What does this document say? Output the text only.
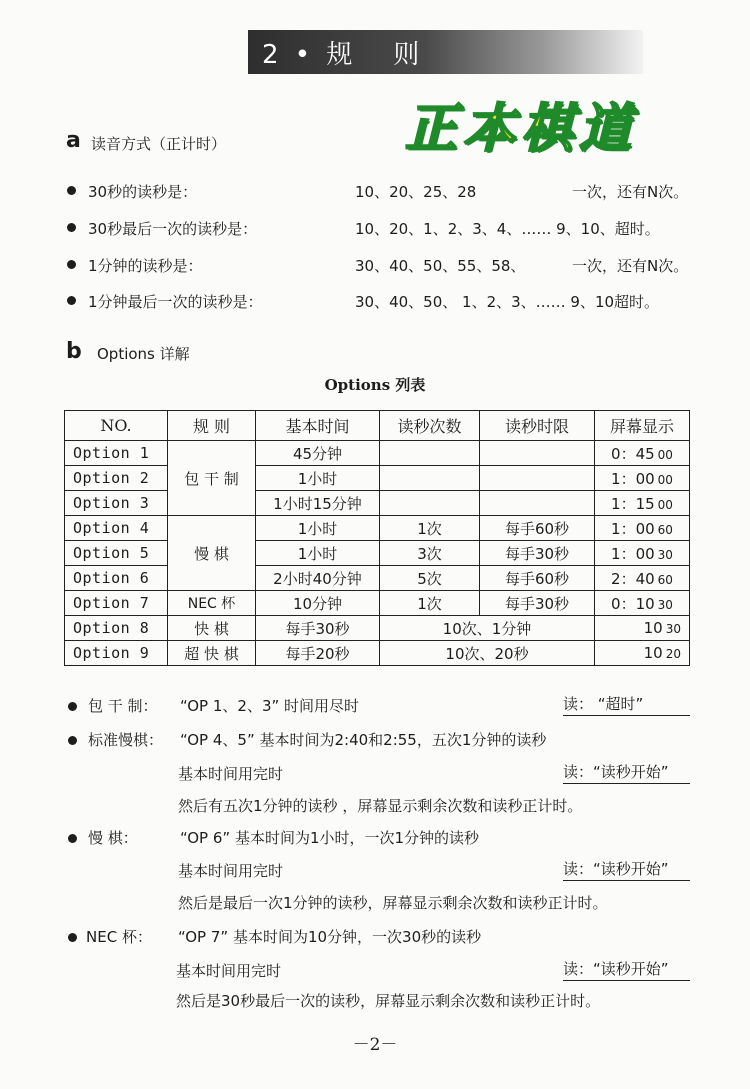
2 • 规   则
正本棋道
a 读音方式（正计时）
30秒的读秒是：	10、20、25、28	一次，还有N次。
30秒最后一次的读秒是：	10、20、1、2、3、4、…… 9、10、超时。
1分钟的读秒是：	30、40、50、55、58、	一次，还有N次。
1分钟最后一次的读秒是：	30、40、50、 1、2、3、…… 9、10超时。
b Options 详解
Options 列表
NO.	规 则	基本时间	读秒次数	读秒时限	屏幕显示
Option 1	包 干 制	45分钟			0：45 00
Option 2		1小时			1：00 00
Option 3		1小时15分钟			1：15 00
Option 4	慢 棋	1小时	1次	每手60秒	1：00 60
Option 5		1小时	3次	每手30秒	1：00 30
Option 6		2小时40分钟	5次	每手60秒	2：40 60
Option 7	NEC 杯	10分钟	1次	每手30秒	0：10 30
Option 8	快 棋	每手30秒	10次、1分钟		10 30
Option 9	超 快 棋	每手20秒	10次、20秒		10 20
包 干 制： “OP 1、2、3” 时间用尽时	读： “超时”
标准慢棋： “OP 4、5” 基本时间为2:40和2:55，五次1分钟的读秒
基本时间用完时	读：“读秒开始”
然后有五次1分钟的读秒 ，屏幕显示剩余次数和读秒正计时。
慢 棋：	“OP 6” 基本时间为1小时，一次1分钟的读秒
基本时间用完时	读：“读秒开始”
然后是最后一次1分钟的读秒，屏幕显示剩余次数和读秒正计时。
NEC 杯： “OP 7” 基本时间为10分钟，一次30秒的读秒
基本时间用完时	读：“读秒开始”
然后是30秒最后一次的读秒，屏幕显示剩余次数和读秒正计时。
－2－
